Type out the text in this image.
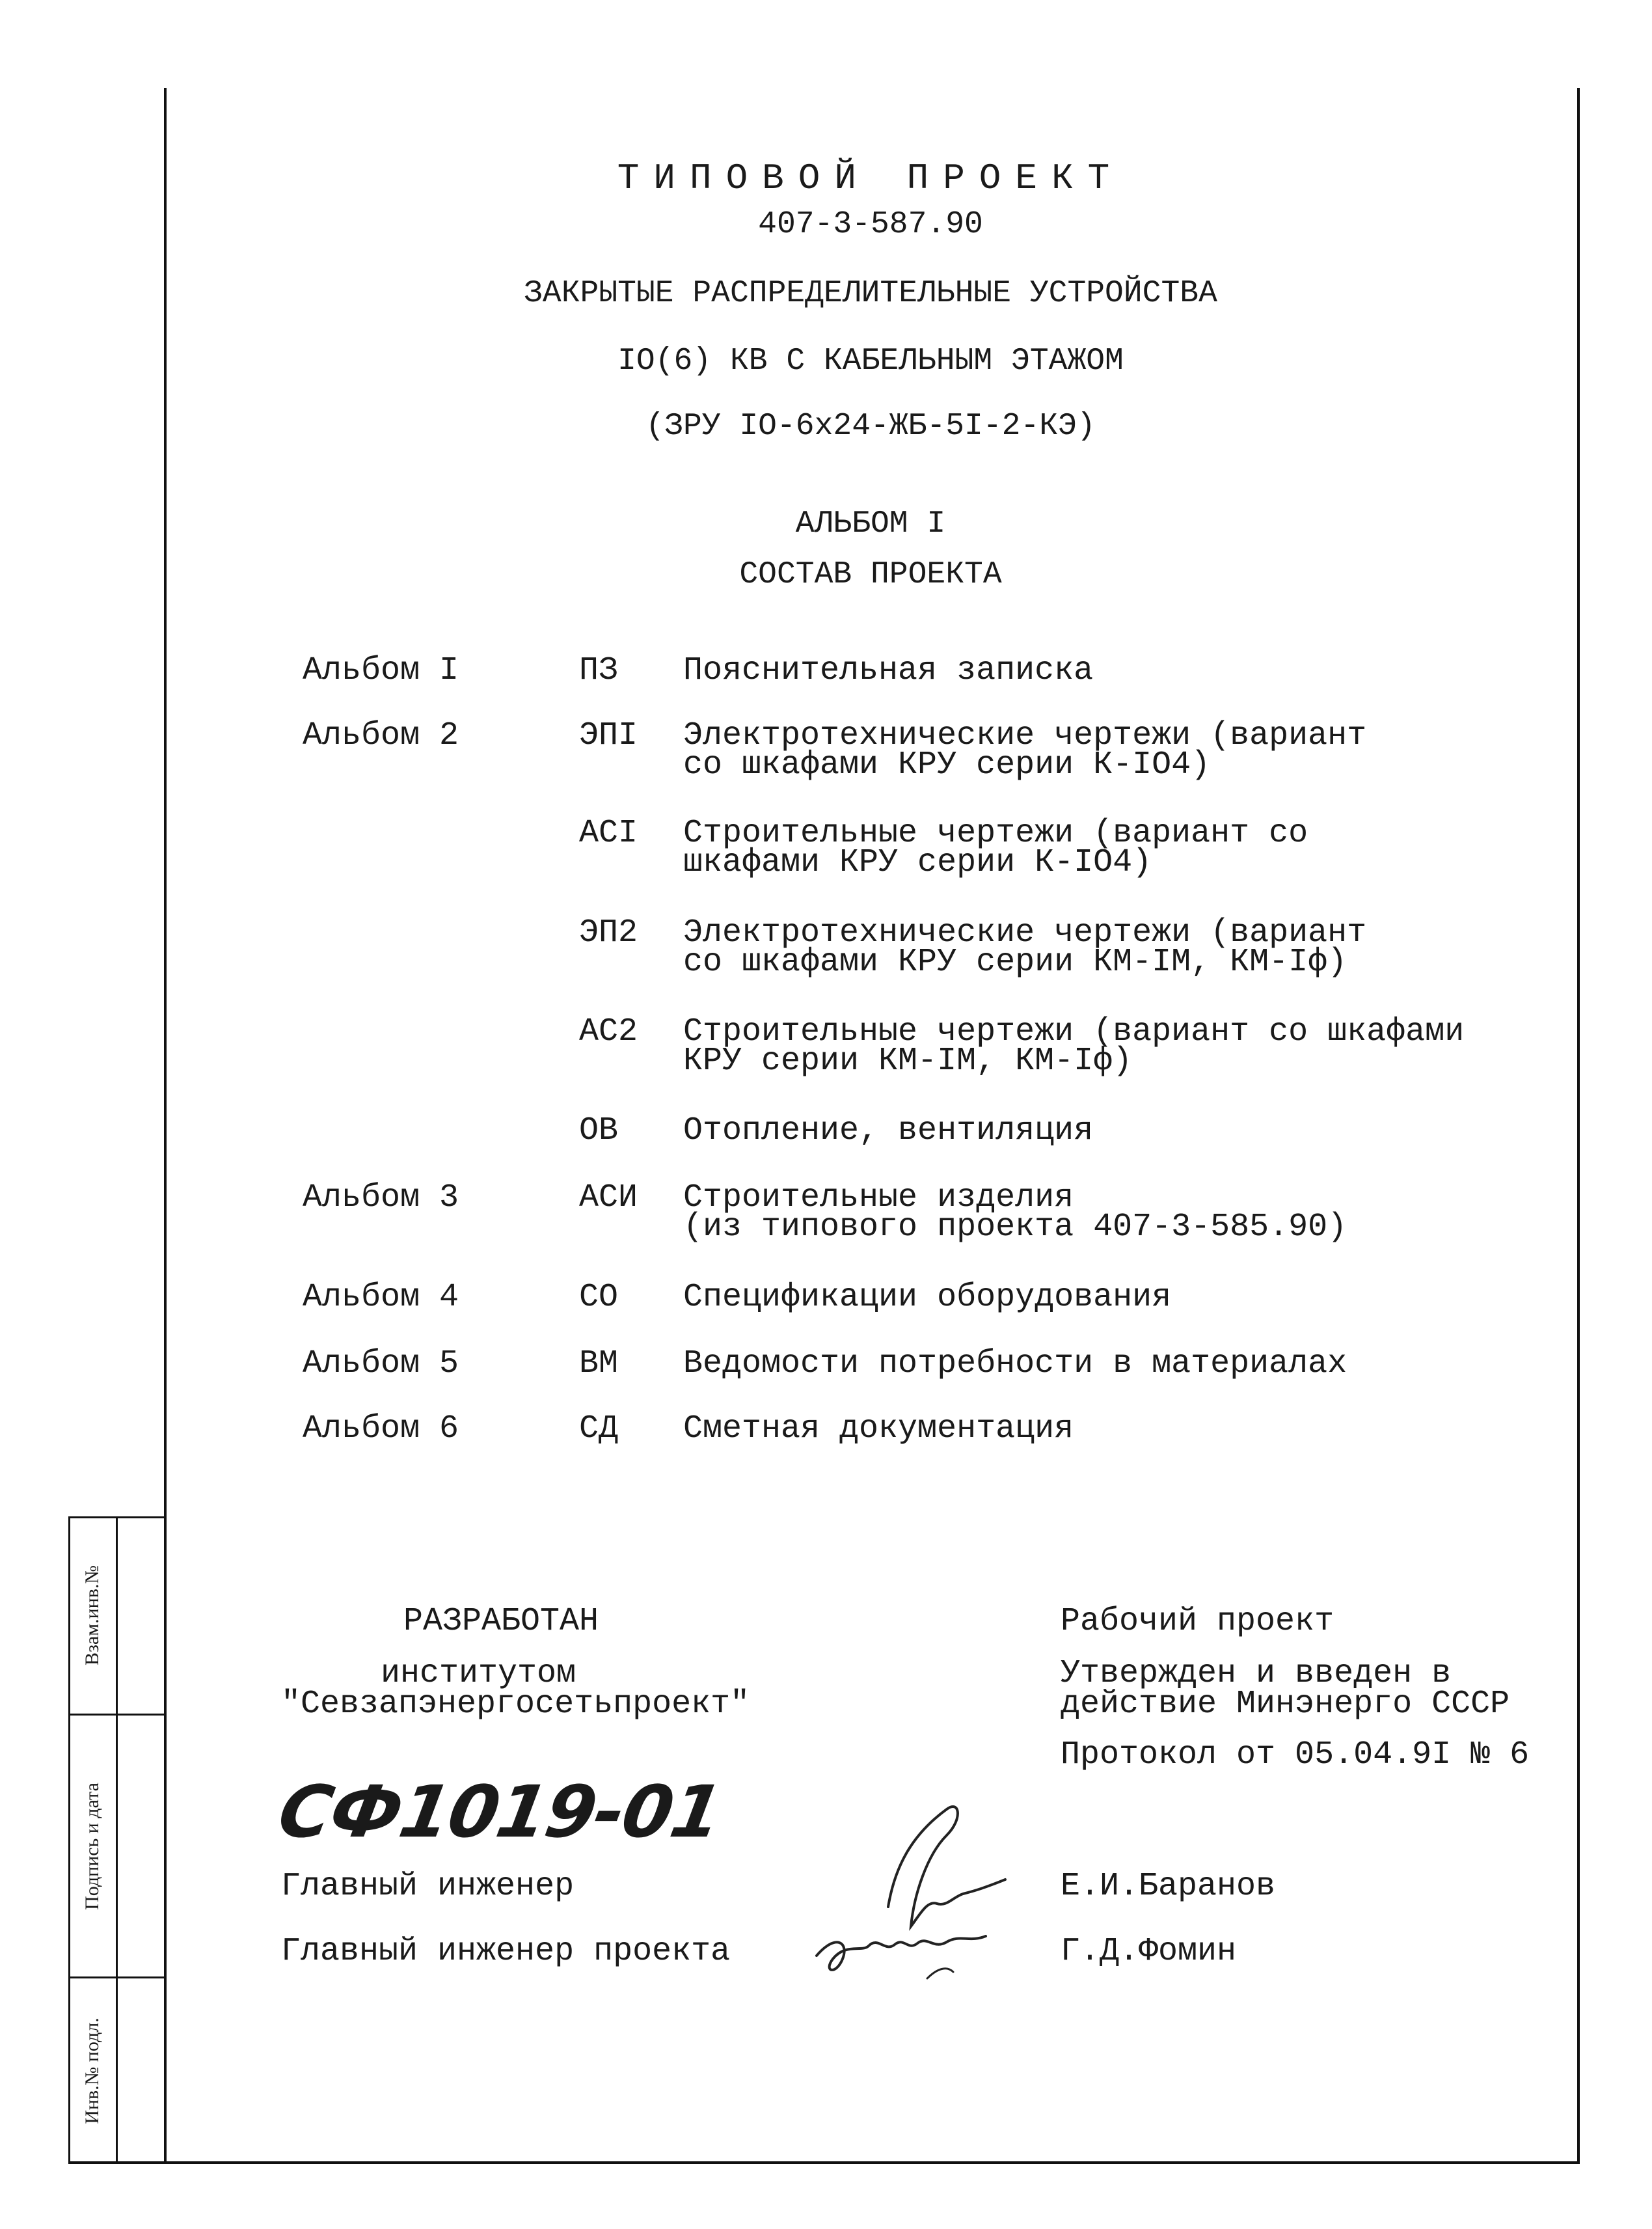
Взам.инв.№
Подпись и дата
Инв.№ подл.
ТИПОВОЙ ПРОЕКТ
407-3-587.90
ЗАКРЫТЫЕ РАСПРЕДЕЛИТЕЛЬНЫЕ УСТРОЙСТВА
IO(6) КВ С КАБЕЛЬНЫМ ЭТАЖОМ
(ЗРУ IO-6х24-ЖБ-5I-2-КЭ)
АЛЬБОМ I
СОСТАВ ПРОЕКТА
Альбом I	ПЗ Пояснительная записка
Альбом 2	ЭПI Электротехнические чертежи (вариант
со шкафами КРУ серии К-IO4)
АСI Строительные чертежи (вариант со
шкафами КРУ серии К-IO4)
ЭП2 Электротехнические чертежи (вариант
со шкафами КРУ серии КМ-IМ, КМ-Iф)
АС2 Строительные чертежи (вариант со шкафами
КРУ серии КМ-IМ, КМ-Iф)
ОВ Отопление, вентиляция
Альбом 3	АСИ Строительные изделия
(из типового проекта 407-3-585.90)
Альбом 4	СО Спецификации оборудования
Альбом 5	ВМ Ведомости потребности в материалах
Альбом 6	СД Сметная документация
РАЗРАБОТАН
институтом
"Севзапэнергосетьпроект"
СФ1019-01
Рабочий проект
Утвержден и введен в
действие Минэнерго СССР
Протокол от 05.04.9I № 6
Главный инженер	Е.И.Баранов
Главный инженер проекта	Г.Д.Фомин
